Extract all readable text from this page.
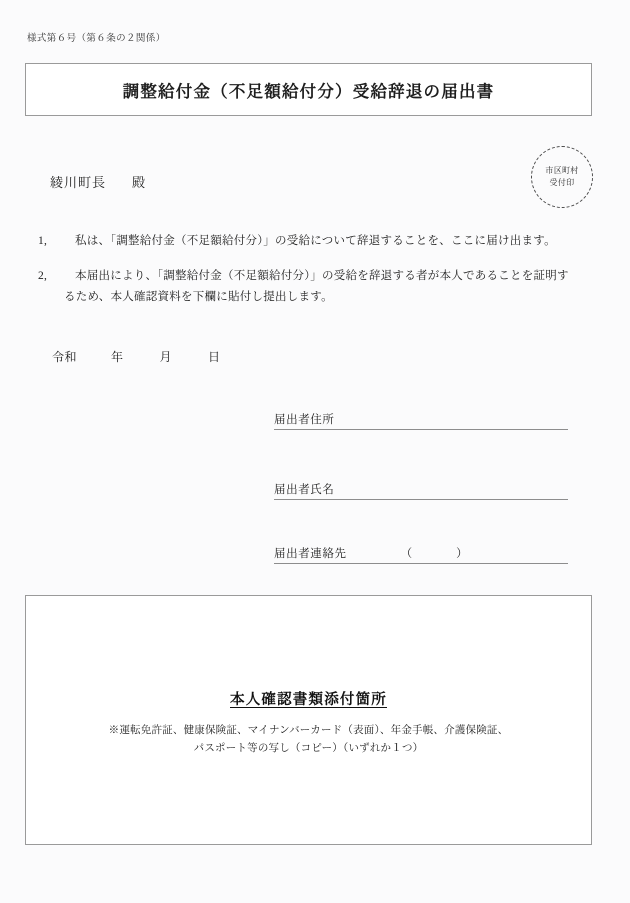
様式第６号（第６条の２関係）
調整給付金（不足額給付分）受給辞退の届出書
市区町村
受付印
綾川町長 殿
1,	私は、「調整給付金（不足額給付分）」の受給について辞退することを、ここに届け出ます。
2,	本届出により、「調整給付金（不足額給付分）」の受給を辞退する者が本人であることを証明す
るため、本人確認資料を下欄に貼付し提出します。
令和	年	月	日
届出者住所
届出者氏名
届出者連絡先	（	）
本人確認書類添付箇所
※運転免許証、健康保険証、マイナンバーカード（表面）、年金手帳、介護保険証、
パスポート等の写し（コピー）（いずれか１つ）
